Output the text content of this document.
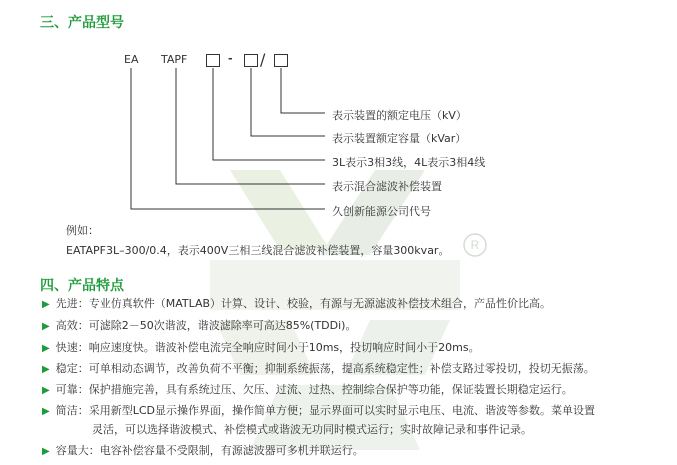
R
三、产品型号
EA TAPF	- /
表示装置的额定电压（kV）
表示装置额定容量（kVar）
3L表示3相3线，4L表示3相4线
表示混合滤波补偿装置
久创新能源公司代号
例如：
EATAPF3L–300/0.4，表示400V三相三线混合滤波补偿装置，容量300kvar。
四、产品特点
▶ 先进：专业仿真软件（MATLAB）计算、设计、校验，有源与无源滤波补偿技术组合，产品性价比高。
▶ 高效：可滤除2－50次谐波，谐波滤除率可高达85%(TDDi)。
▶ 快速：响应速度快。谐波补偿电流完全响应时间小于10ms，投切响应时间小于20ms。
▶ 稳定：可单相动态调节，改善负荷不平衡；抑制系统振荡，提高系统稳定性；补偿支路过零投切，投切无振荡。
▶ 可靠：保护措施完善，具有系统过压、欠压、过流、过热、控制综合保护等功能，保证装置长期稳定运行。
▶ 简洁：采用新型LCD显示操作界面，操作简单方便；显示界面可以实时显示电压、电流、谐波等参数。菜单设置
灵活，可以选择谐波模式、补偿模式或谐波无功同时模式运行；实时故障记录和事件记录。
▶ 容量大：电容补偿容量不受限制，有源滤波器可多机并联运行。
